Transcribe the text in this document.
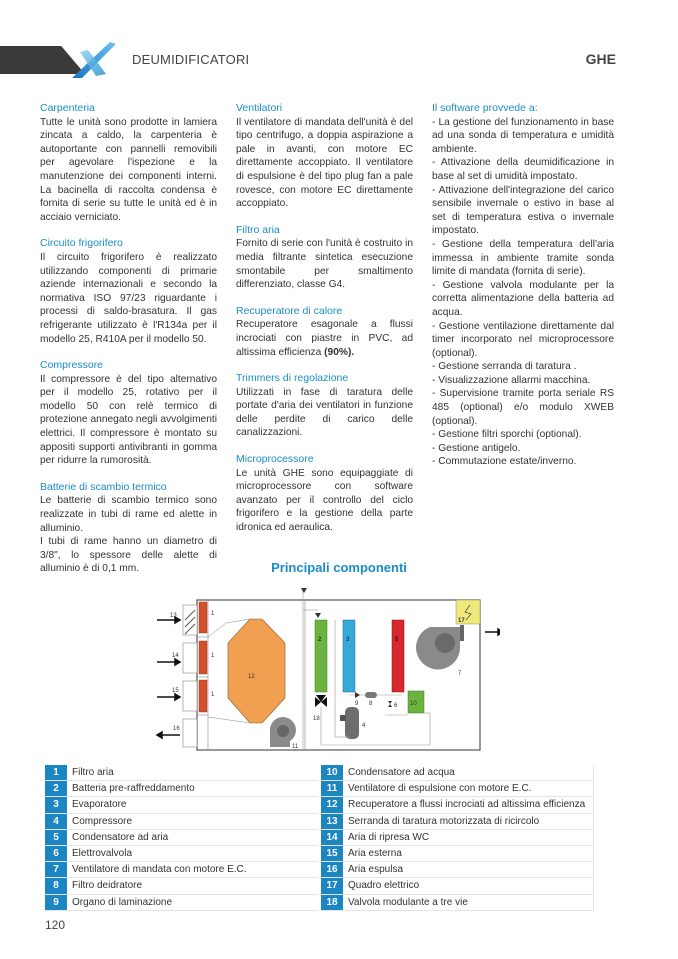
DEUMIDIFICATORI	GHE
Carpenteria
Tutte le unità sono prodotte in lamiera zincata a caldo, la carpenteria è autoportante con pannelli removibili per agevolare l'ispezione e la manutenzione dei componenti interni. La bacinella di raccolta condensa è fornita di serie su tutte le unità ed è in acciaio verniciato.
Circuito frigorifero
Il circuito frigorifero è realizzato utilizzando componenti di primarie aziende internazionali e secondo la normativa ISO 97/23 riguardante i processi di saldo-brasatura. Il gas refrigerante utilizzato è l'R134a per il modello 25, R410A per il modello 50.
Compressore
Il compressore è del tipo alternativo per il modello 25, rotativo per il modello 50 con relè termico di protezione annegato negli avvolgimenti elettrici. Il compressore è montato su appositi supporti antivibranti in gomma per ridurre la rumorosità.
Batterie di scambio termico
Le batterie di scambio termico sono realizzate in tubi di rame ed alette in alluminio.
I tubi di rame hanno un diametro di 3/8", lo spessore delle alette di alluminio è di 0,1 mm.
Ventilatori
Il ventilatore di mandata dell'unità è del tipo centrifugo, a doppia aspirazione a pale in avanti, con motore EC direttamente accoppiato. Il ventilatore di espulsione è del tipo plug fan a pale rovesce, con motore EC direttamente accoppiato.
Filtro aria
Fornito di serie con l'unità è costruito in media filtrante sintetica esecuzione smontabile per smaltimento differenziato, classe G4.
Recuperatore di calore
Recuperatore esagonale a flussi incrociati con piastre in PVC, ad altissima efficienza (90%).
Trimmers di regolazione
Utilizzati in fase di taratura delle portate d'aria dei ventilatori in funzione delle perdite di carico delle canalizzazioni.
Microprocessore
Le unità GHE sono equipaggiate di microprocessore con software avanzato per il controllo del ciclo frigorifero e la gestione della parte idronica ed aeraulica.
Il software provvede a:
- La gestione del funzionamento in base ad una sonda di temperatura e umidità ambiente.
- Attivazione della deumidificazione in base al set di umidità impostato.
- Attivazione dell'integrazione del carico sensibile invernale o estivo in base al set di temperatura estiva o invernale impostato.
- Gestione della temperatura dell'aria immessa in ambiente tramite sonda limite di mandata (fornita di serie).
- Gestione valvola modulante per la corretta alimentazione della batteria ad acqua.
- Gestione ventilazione direttamente dal timer incorporato nel microprocessore (optional).
- Gestione serranda di taratura .
- Visualizzazione allarmi macchina.
- Supervisione tramite porta seriale RS 485 (optional) e/o modulo XWEB (optional).
- Gestione filtri sporchi (optional).
- Gestione antigelo.
- Commutazione estate/inverno.
Principali componenti
13
14
15
16
1
1
1
12
11
2	3	5
7
17
9 8	6 10
4
18
1	Filtro aria
2	Batteria pre-raffreddamento
3	Evaporatore
4	Compressore
5	Condensatore ad aria
6	Elettrovalvola
7	Ventilatore di mandata con motore E.C.
8	Filtro deidratore
9	Organo di laminazione
10	Condensatore ad acqua
11	Ventilatore di espulsione con motore E.C.
12	Recuperatore a flussi incrociati ad altissima efficienza
13	Serranda di taratura motorizzata di ricircolo
14	Aria di ripresa WC
15	Aria esterna
16	Aria espulsa
17	Quadro elettrico
18	Valvola modulante a tre vie
120
